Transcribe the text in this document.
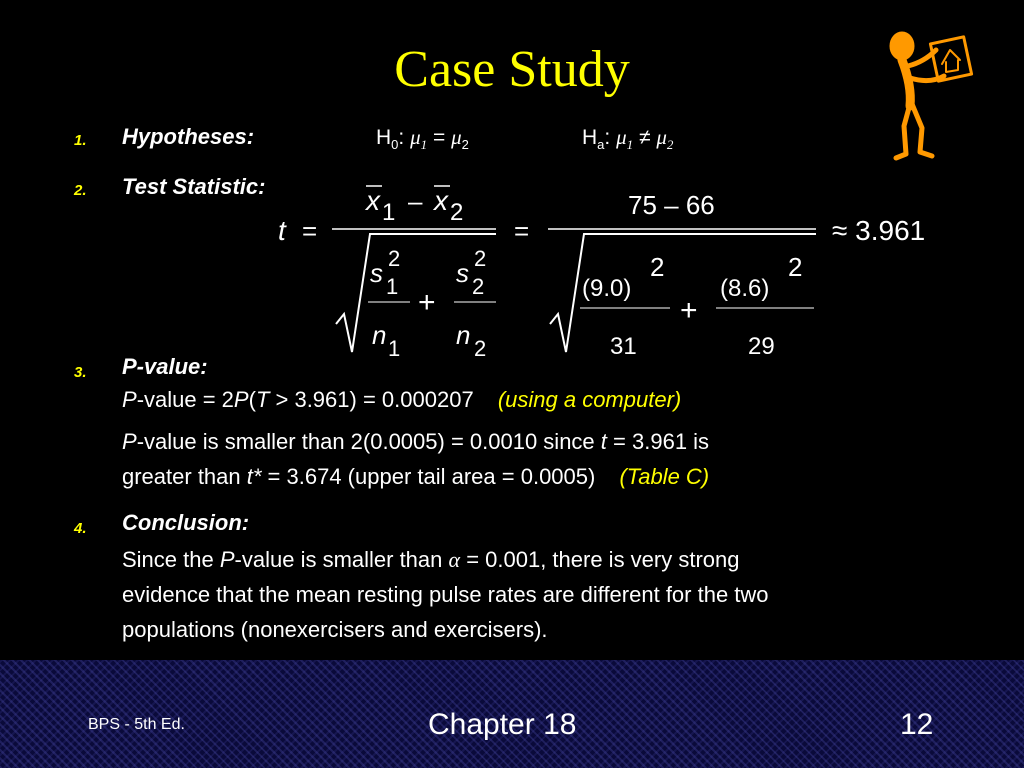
Case Study
1. Hypotheses:	$H_0$: $\mu_1 = \mu_2$	$H_a$: $\mu_1 \ne \mu_2$
2. Test Statistic:
t =
x 1 – x 2
s 2
1
n 1
+
s 2
2
n 2
=
75 – 66
(9.0)
2
31
+
(8.6)
2
29
≈ 3.961
3. P-value:
P-value = 2P(T > 3.961) = 0.000207 (using a computer)
P-value is smaller than 2(0.0005) = 0.0010 since t = 3.961 is
greater than t* = 3.674 (upper tail area = 0.0005) (Table C)
4. Conclusion:
Since the P-value is smaller than α = 0.001, there is very strong
evidence that the mean resting pulse rates are different for the two
populations (nonexercisers and exercisers).
BPS - 5th Ed.	Chapter 18	12
